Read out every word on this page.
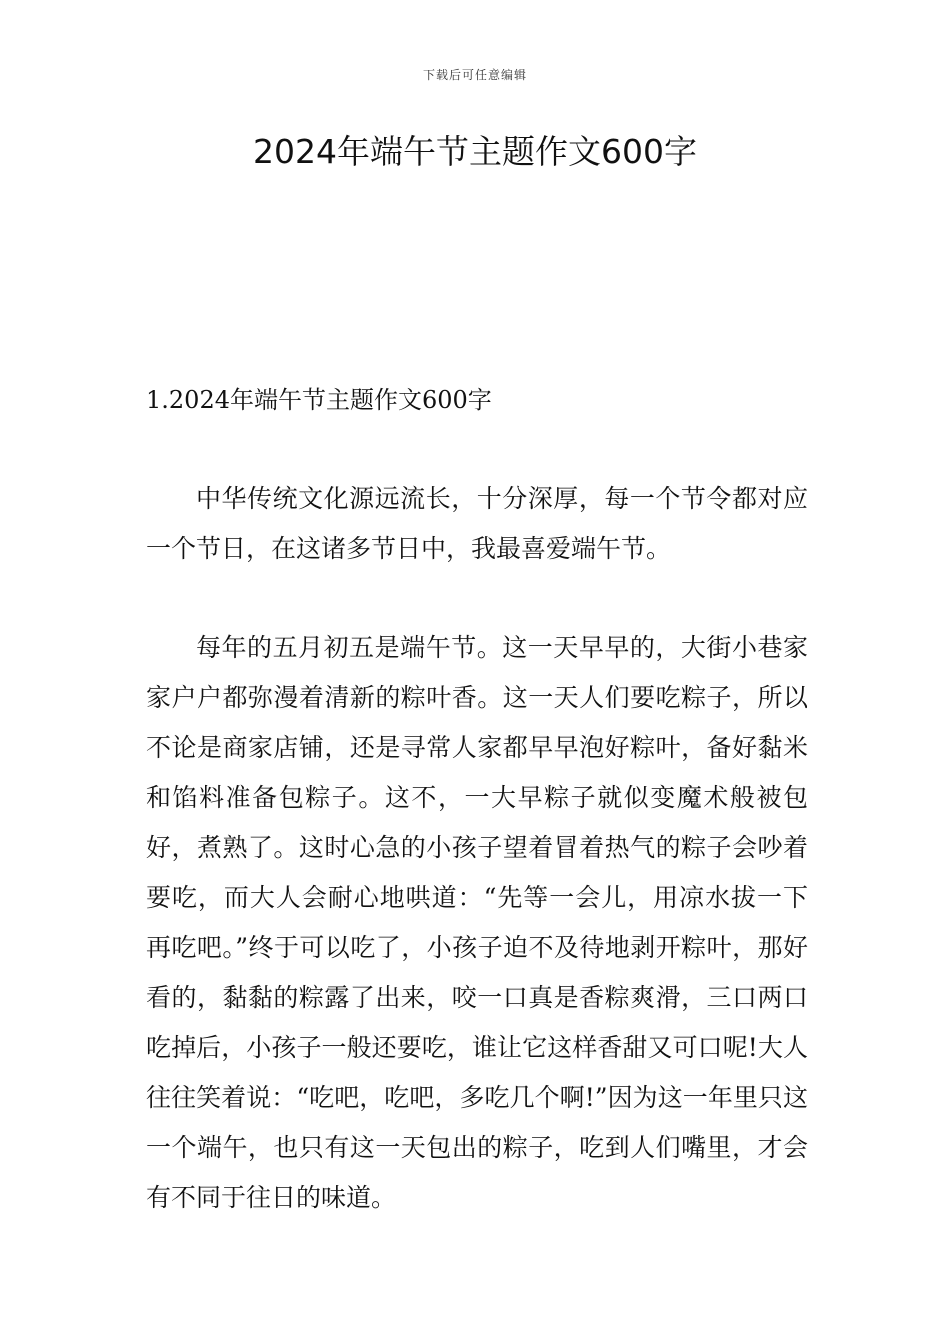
下载后可任意编辑
2024年端午节主题作文600字
1.2024年端午节主题作文600字

中华传统文化源远流长，十分深厚，每一个节令都对应一个节日，在这诸多节日中，我最喜爱端午节。

每年的五月初五是端午节。这一天早早的，大街小巷家家户户都弥漫着清新的粽叶香。这一天人们要吃粽子，所以不论是商家店铺，还是寻常人家都早早泡好粽叶，备好黏米和馅料准备包粽子。这不，一大早粽子就似变魔术般被包好，煮熟了。这时心急的小孩子望着冒着热气的粽子会吵着要吃，而大人会耐心地哄道：“先等一会儿，用凉水拔一下再吃吧。”终于可以吃了，小孩子迫不及待地剥开粽叶，那好看的，黏黏的粽露了出来，咬一口真是香粽爽滑，三口两口吃掉后，小孩子一般还要吃，谁让它这样香甜又可口呢!大人往往笑着说：“吃吧，吃吧，多吃几个啊!”因为这一年里只这一个端午，也只有这一天包出的粽子，吃到人们嘴里，才会有不同于往日的味道。
